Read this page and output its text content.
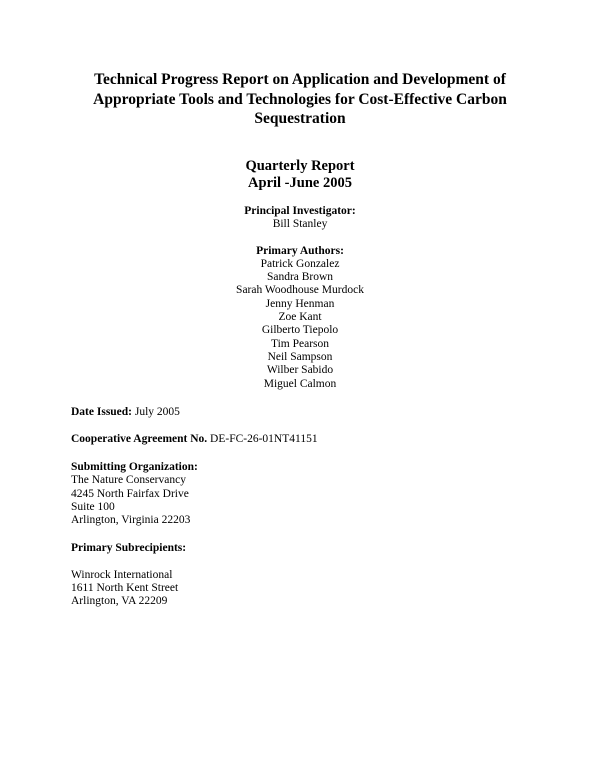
Technical Progress Report on Application and Development of
Appropriate Tools and Technologies for Cost-Effective Carbon
Sequestration
Quarterly Report
April -June 2005
Principal Investigator:
Bill Stanley
Primary Authors:
Patrick Gonzalez
Sandra Brown
Sarah Woodhouse Murdock
Jenny Henman
Zoe Kant
Gilberto Tiepolo
Tim Pearson
Neil Sampson
Wilber Sabido
Miguel Calmon
Date Issued: July 2005
Cooperative Agreement No. DE-FC-26-01NT41151
Submitting Organization:
The Nature Conservancy
4245 North Fairfax Drive
Suite 100
Arlington, Virginia 22203
Primary Subrecipients:
Winrock International
1611 North Kent Street
Arlington, VA 22209
